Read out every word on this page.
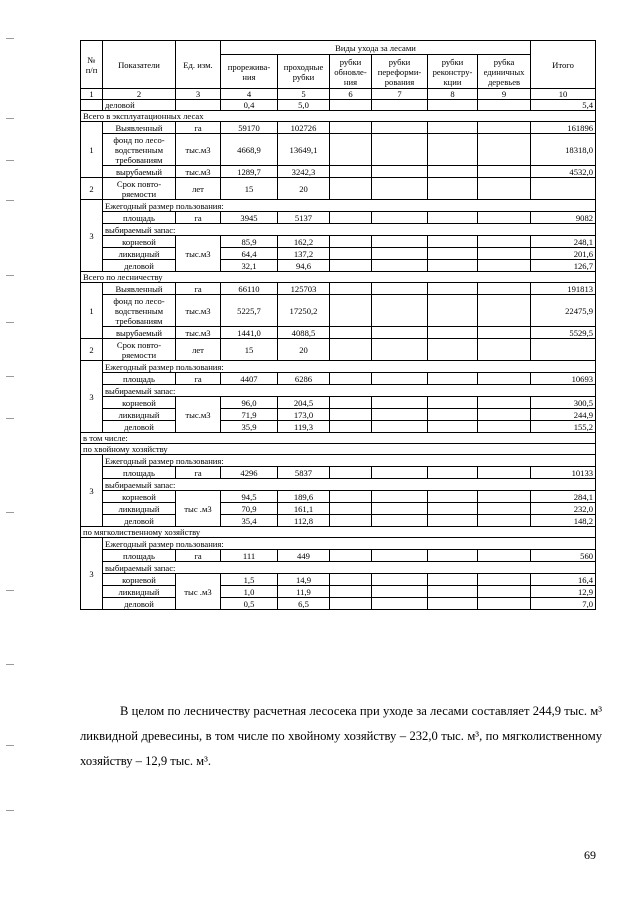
№ п/п	Показатели	Ед. изм.	Виды ухода за лесами						Итого
			прорежива- ния	проходные рубки	рубки обновле- ния	рубки переформи- рования	рубки реконстру- кции	рубка единичных деревьев	
1	2	3	4	5	6	7	8	9	10
	деловой		0,4	5,0					5,4
Всего в эксплуатационных лесах									
1	Выявленный	га	59170	102726					161896
	фонд по лесо- водственным требованиям	тыс.м3	4668,9	13649,1					18318,0
	вырубаемый	тыс.м3	1289,7	3242,3					4532,0
2	Срок повто- ряемости	лет	15	20					
3	Ежегодный размер пользования:								
	площадь	га	3945	5137					9082
	выбираемый запас:								
	корневой	тыс.м3	85,9	162,2					248,1
	ликвидный		64,4	137,2					201,6
	деловой		32,1	94,6					126,7
Всего по лесничеству									
1	Выявленный	га	66110	125703					191813
	фонд по лесо- водственным требованиям	тыс.м3	5225,7	17250,2					22475,9
	вырубаемый	тыс.м3	1441,0	4088,5					5529,5
2	Срок повто- ряемости	лет	15	20					
3	Ежегодный размер пользования:								
	площадь	га	4407	6286					10693
	выбираемый запас:								
	корневой	тыс.м3	96,0	204,5					300,5
	ликвидный		71,9	173,0					244,9
	деловой		35,9	119,3					155,2
в том числе:									
по хвойному хозяйству									
3	Ежегодный размер пользования:								
	площадь	га	4296	5837					10133
	выбираемый запас:								
	корневой	тыс .м3	94,5	189,6					284,1
	ликвидный		70,9	161,1					232,0
	деловой		35,4	112,8					148,2
по мягколиственному хозяйству									
3	Ежегодный размер пользования:								
	площадь	га	111	449					560
	выбираемый запас:								
	корневой	тыс .м3	1,5	14,9					16,4
	ликвидный		1,0	11,9					12,9
	деловой		0,5	6,5					7,0

В целом по лесничеству расчетная лесосека при уходе за лесами составляет 244,9 тыс. м³ ликвидной древесины, в том числе по хвойному хозяйству – 232,0 тыс. м³, по мягколиственному хозяйству – 12,9 тыс. м³.

69
